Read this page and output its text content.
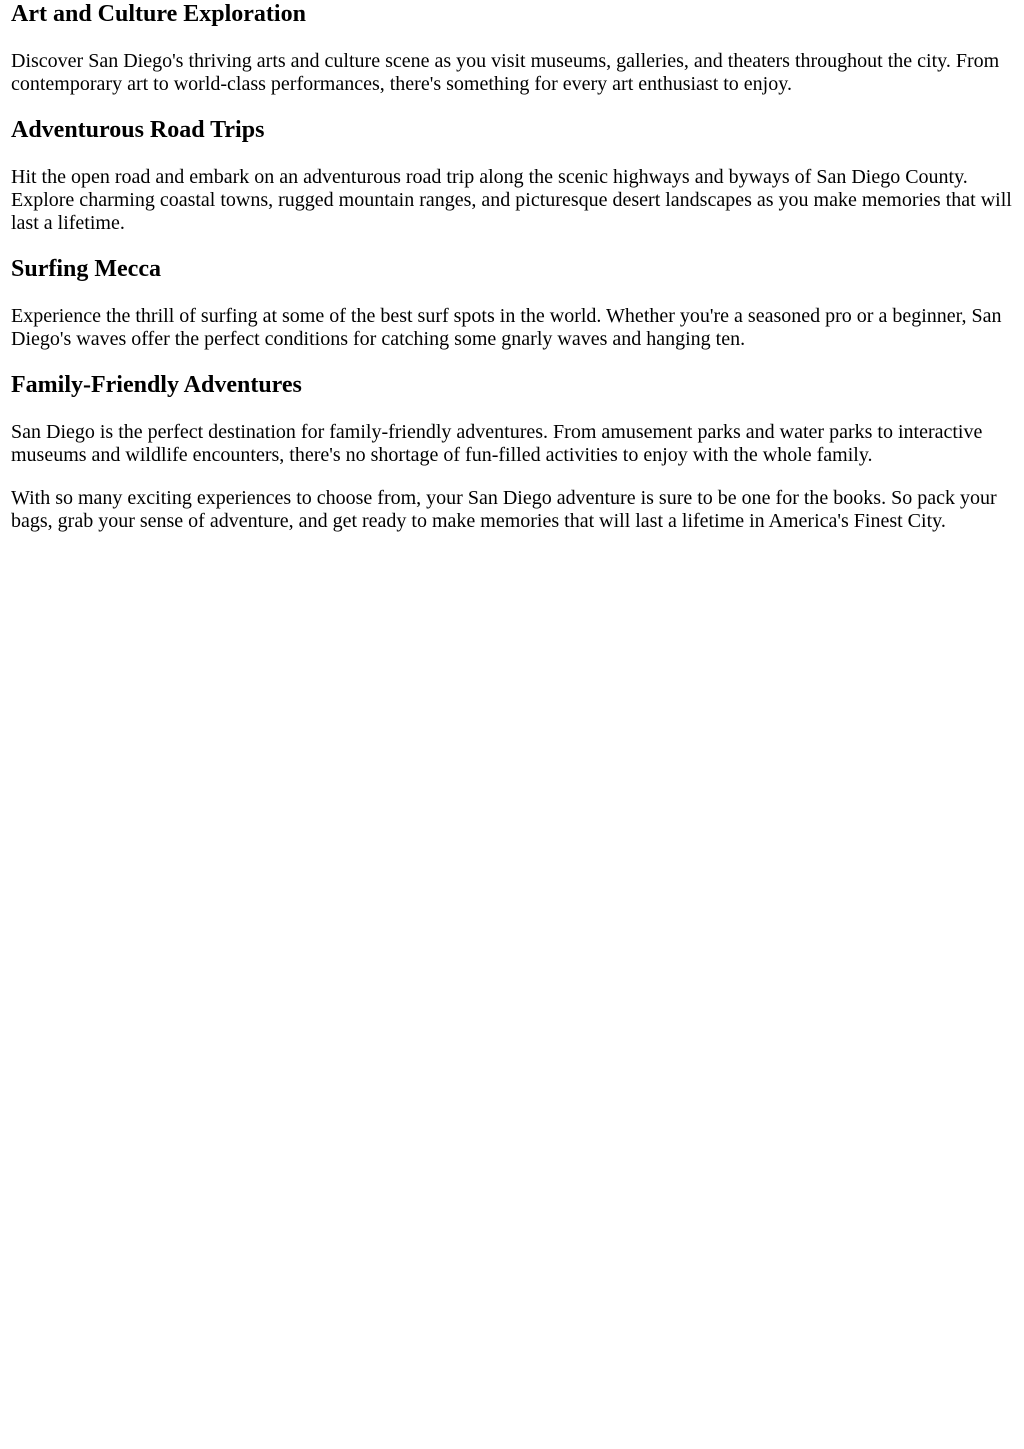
Art and Culture Exploration

Discover San Diego's thriving arts and culture scene as you visit museums, galleries, and theaters throughout the city. From contemporary art to world-class performances, there's something for every art enthusiast to enjoy.

Adventurous Road Trips

Hit the open road and embark on an adventurous road trip along the scenic highways and byways of San Diego County. Explore charming coastal towns, rugged mountain ranges, and picturesque desert landscapes as you make memories that will last a lifetime.

Surfing Mecca

Experience the thrill of surfing at some of the best surf spots in the world. Whether you're a seasoned pro or a beginner, San Diego's waves offer the perfect conditions for catching some gnarly waves and hanging ten.

Family-Friendly Adventures

San Diego is the perfect destination for family-friendly adventures. From amusement parks and water parks to interactive museums and wildlife encounters, there's no shortage of fun-filled activities to enjoy with the whole family.

With so many exciting experiences to choose from, your San Diego adventure is sure to be one for the books. So pack your bags, grab your sense of adventure, and get ready to make memories that will last a lifetime in America's Finest City.
